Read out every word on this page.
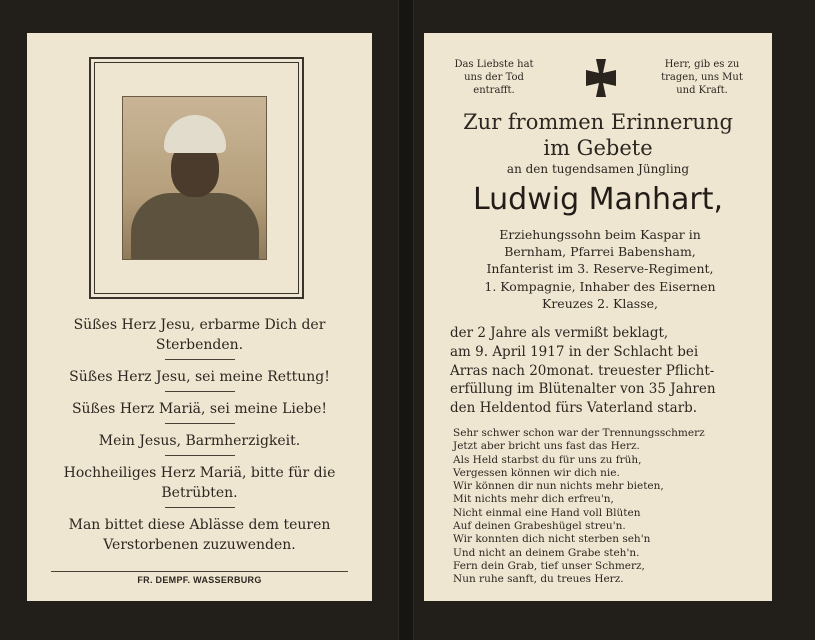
Süßes Herz Jesu, erbarme Dich der Sterbenden.

Süßes Herz Jesu, sei meine Rettung!

Süßes Herz Mariä, sei meine Liebe!

Mein Jesus, Barmherzigkeit.

Hochheiliges Herz Mariä, bitte für die Betrübten.

Man bittet diese Ablässe dem teuren Verstorbenen zuzuwenden.

FR. DEMPF. WASSERBURG
Das Liebste hat
uns der Tod
entrafft.
Herr, gib es zu
tragen, uns Mut
und Kraft.
Zur frommen Erinnerung
im Gebete
an den tugendsamen Jüngling
Ludwig Manhart,
Erziehungssohn beim Kaspar in
Bernham, Pfarrei Babensham,
Infanterist im 3. Reserve-Regiment,
1. Kompagnie, Inhaber des Eisernen
Kreuzes 2. Klasse,
der 2 Jahre als vermißt beklagt,
am 9. April 1917 in der Schlacht bei
Arras nach 20monat. treuester Pflicht-
erfüllung im Blütenalter von 35 Jahren
den Heldentod fürs Vaterland starb.
Sehr schwer schon war der Trennungsschmerz
Jetzt aber bricht uns fast das Herz.
Als Held starbst du für uns zu früh,
Vergessen können wir dich nie.
Wir können dir nun nichts mehr bieten,
Mit nichts mehr dich erfreu'n,
Nicht einmal eine Hand voll Blüten
Auf deinen Grabeshügel streu'n.
Wir konnten dich nicht sterben seh'n
Und nicht an deinem Grabe steh'n.
Fern dein Grab, tief unser Schmerz,
Nun ruhe sanft, du treues Herz.
